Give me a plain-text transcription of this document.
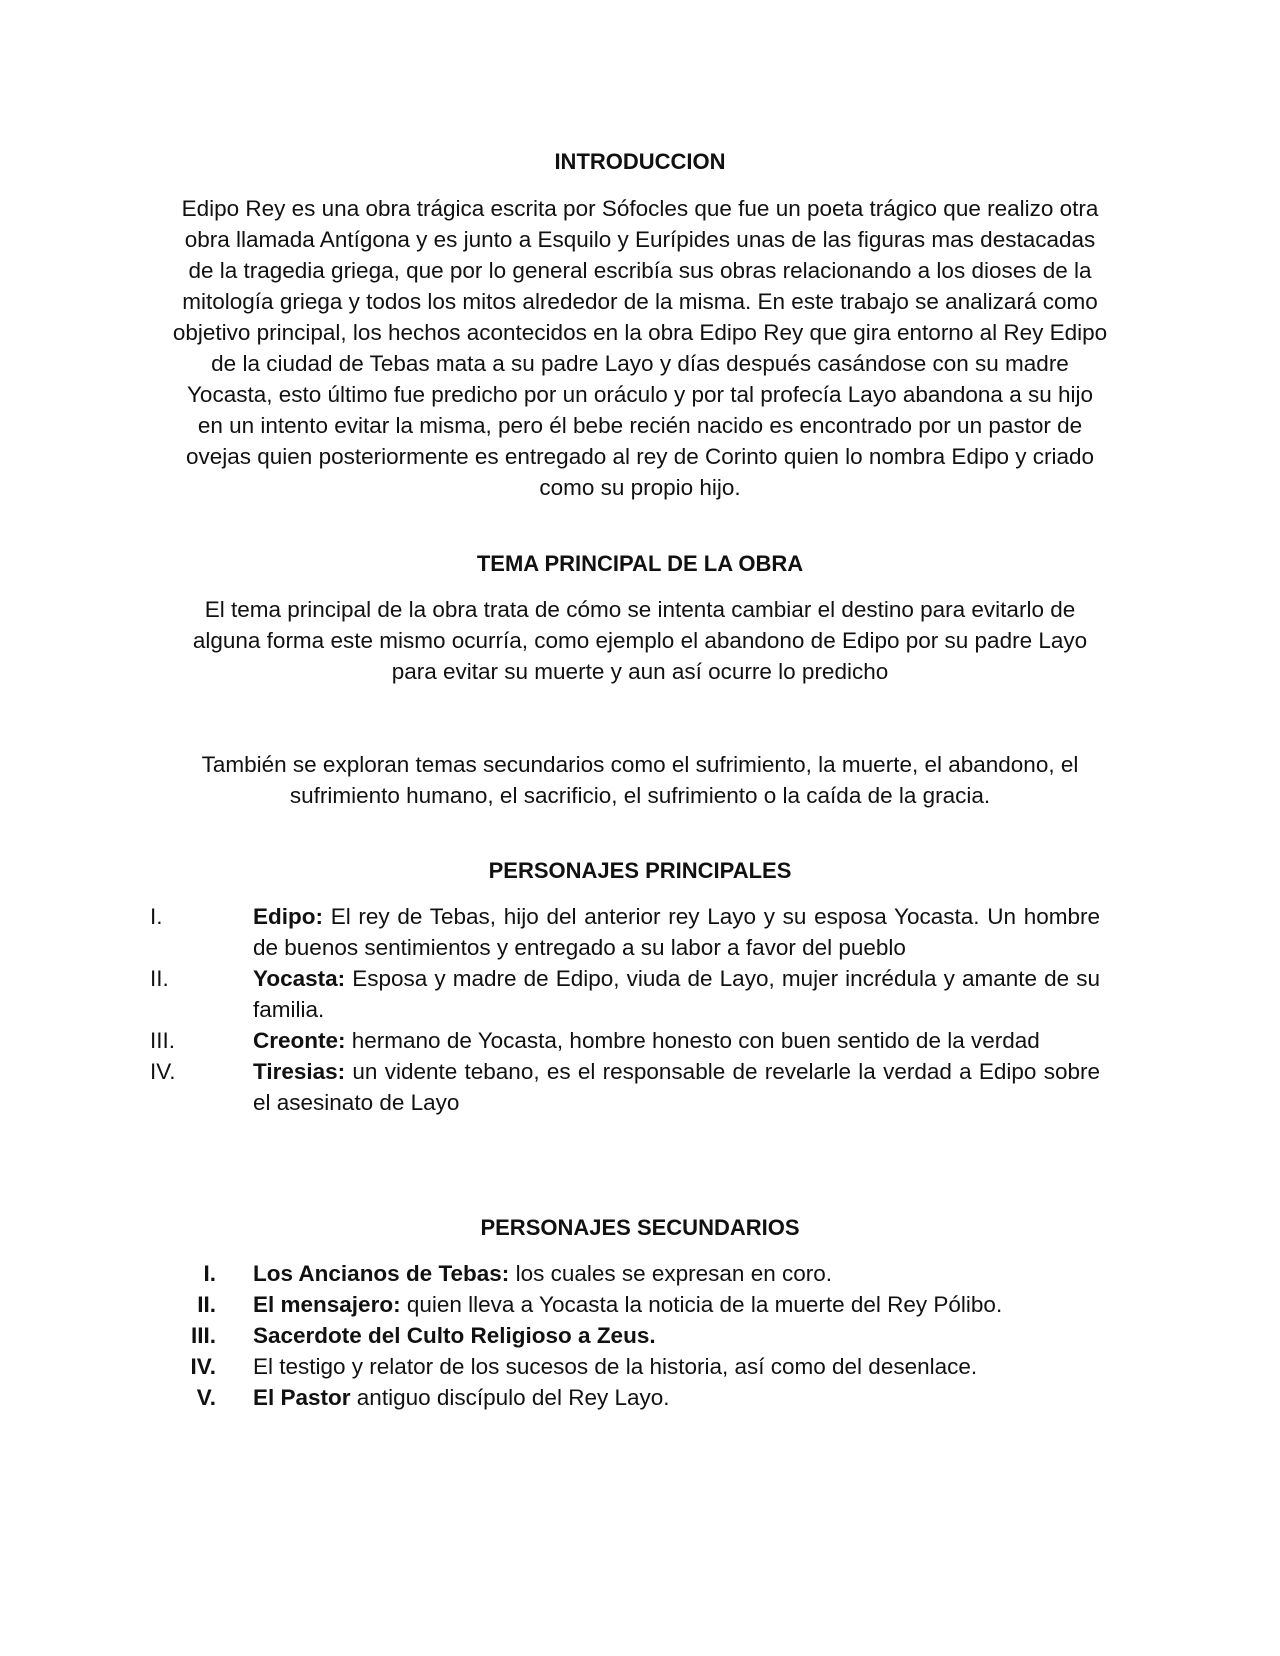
INTRODUCCION

Edipo Rey es una obra trágica escrita por Sófocles que fue un poeta trágico que realizo otra obra llamada Antígona y es junto a Esquilo y Eurípides unas de las figuras mas destacadas de la tragedia griega, que por lo general escribía sus obras relacionando a los dioses de la mitología griega y todos los mitos alrededor de la misma. En este trabajo se analizará como objetivo principal, los hechos acontecidos en la obra Edipo Rey que gira entorno al Rey Edipo de la ciudad de Tebas mata a su padre Layo y días después casándose con su madre Yocasta, esto último fue predicho por un oráculo y por tal profecía Layo abandona a su hijo en un intento evitar la misma, pero él bebe recién nacido es encontrado por un pastor de ovejas quien posteriormente es entregado al rey de Corinto quien lo nombra Edipo y criado como su propio hijo.

TEMA PRINCIPAL DE LA OBRA

El tema principal de la obra trata de cómo se intenta cambiar el destino para evitarlo de alguna forma este mismo ocurría, como ejemplo el abandono de Edipo por su padre Layo para evitar su muerte y aun así ocurre lo predicho

También se exploran temas secundarios como el sufrimiento, la muerte, el abandono, el sufrimiento humano, el sacrificio, el sufrimiento o la caída de la gracia.

PERSONAJES PRINCIPALES
I.	Edipo: El rey de Tebas, hijo del anterior rey Layo y su esposa Yocasta. Un hombre de buenos sentimientos y entregado a su labor a favor del pueblo
II.	Yocasta: Esposa y madre de Edipo, viuda de Layo, mujer incrédula y amante de su familia.
III.	Creonte: hermano de Yocasta, hombre honesto con buen sentido de la verdad
IV.	Tiresias: un vidente tebano, es el responsable de revelarle la verdad a Edipo sobre el asesinato de Layo
PERSONAJES SECUNDARIOS
I. Los Ancianos de Tebas: los cuales se expresan en coro.
II. El mensajero: quien lleva a Yocasta la noticia de la muerte del Rey Pólibo.
III. Sacerdote del Culto Religioso a Zeus.
IV. El testigo y relator de los sucesos de la historia, así como del desenlace.
V. El Pastor antiguo discípulo del Rey Layo.
